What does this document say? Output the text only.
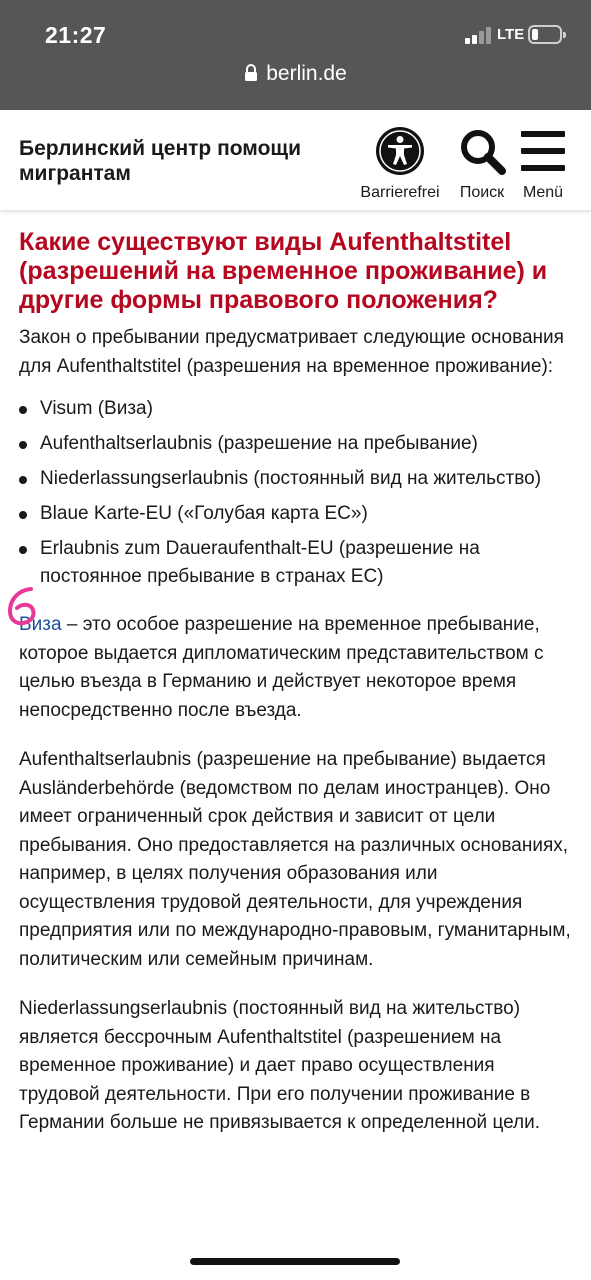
21:27	LTE
berlin.de
Берлинский центр помощи мигрантам
Barrierefrei	Поиск	Menü
Какие существуют виды Aufenthaltstitel (разрешений на временное проживание) и другие формы правового положения?

Закон о пребывании предусматривает следующие основания для Aufenthaltstitel (разрешения на временное проживание):

Visum (Виза)
Aufenthaltserlaubnis (разрешение на пребывание)
Niederlassungserlaubnis (постоянный вид на жительство)
Blaue Karte-EU («Голубая карта ЕС»)
Erlaubnis zum Daueraufenthalt-EU (разрешение на постоянное пребывание в странах ЕС)

Виза – это особое разрешение на временное пребывание, которое выдается дипломатическим представительством с целью въезда в Германию и действует некоторое время непосредственно после въезда.

Aufenthaltserlaubnis (разрешение на пребывание) выдается Ausländerbehörde (ведомством по делам иностранцев). Оно имеет ограниченный срок действия и зависит от цели пребывания. Оно предоставляется на различных основаниях, например, в целях получения образования или осуществления трудовой деятельности, для учреждения предприятия или по международно-правовым, гуманитарным, политическим или семейным причинам.

Niederlassungserlaubnis (постоянный вид на жительство) является бессрочным Aufenthaltstitel (разрешением на временное проживание) и дает право осуществления трудовой деятельности. При его получении проживание в Германии больше не привязывается к определенной цели.
